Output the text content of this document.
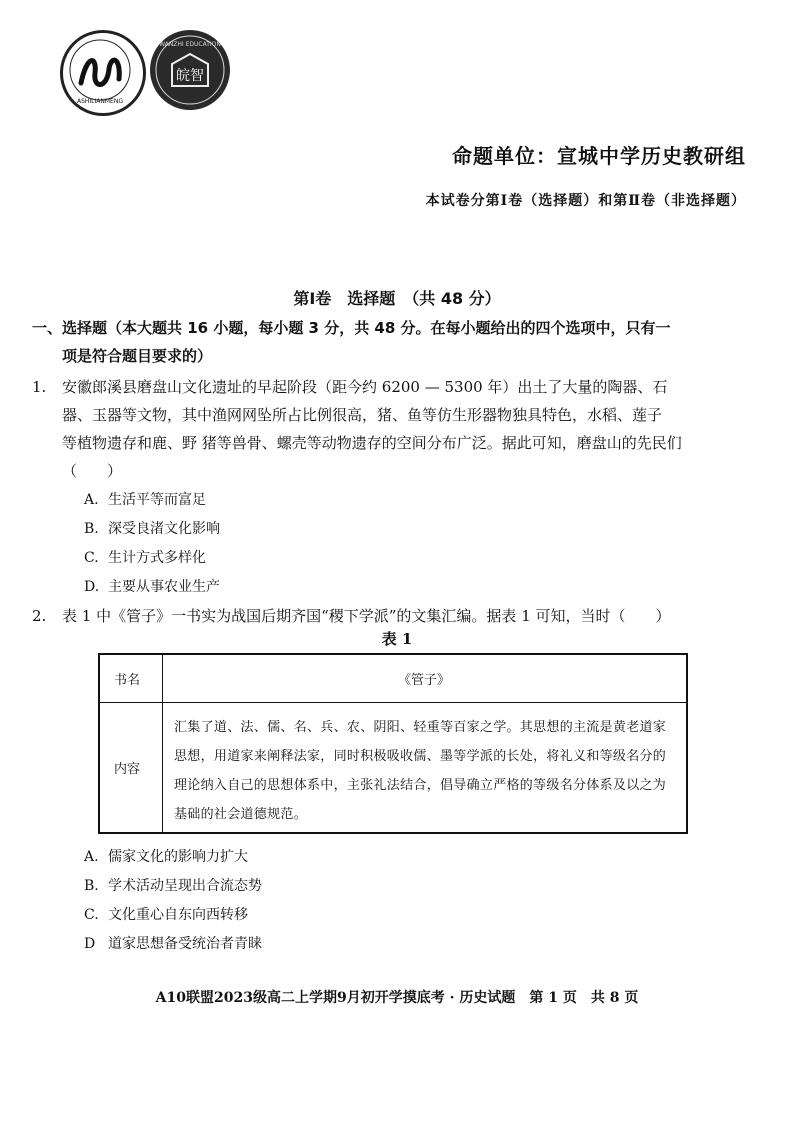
ASHILIANMENG
WANZHI EDUCATION
皖智
命题单位：宣城中学历史教研组
本试卷分第Ⅰ卷（选择题）和第Ⅱ卷（非选择题）
第Ⅰ卷　选择题　（共 48 分）
一、选择题（本大题共 16 小题，每小题 3 分，共 48 分。在每小题给出的四个选项中，只有一
项是符合题目要求的）
1. 安徽郎溪县磨盘山文化遗址的早起阶段（距今约 6200 — 5300 年）出土了大量的陶器、石
器、玉器等文物，其中渔网网坠所占比例很高，猪、鱼等仿生形器物独具特色，水稻、莲子
等植物遗存和鹿、野 猪等兽骨、螺壳等动物遗存的空间分布广泛。据此可知，磨盘山的先民们
（　　）
A. 生活平等而富足
B. 深受良渚文化影响
C. 生计方式多样化
D. 主要从事农业生产
2. 表 1 中《管子》一书实为战国后期齐国“稷下学派”的文集汇编。据表 1 可知，当时（　　）
表 1
书名	《管子》
内容
汇集了道、法、儒、名、兵、农、阴阳、轻重等百家之学。其思想的主流是黄老道家
思想，用道家来阐释法家，同时积极吸收儒、墨等学派的长处，将礼义和等级名分的
理论纳入自己的思想体系中，主张礼法结合，倡导确立严格的等级名分体系及以之为
基础的社会道德规范。
A. 儒家文化的影响力扩大
B. 学术活动呈现出合流态势
C. 文化重心自东向西转移
D 道家思想备受统治者青睐
A10联盟2023级高二上学期9月初开学摸底考 · 历史试题　第 1 页　共 8 页
